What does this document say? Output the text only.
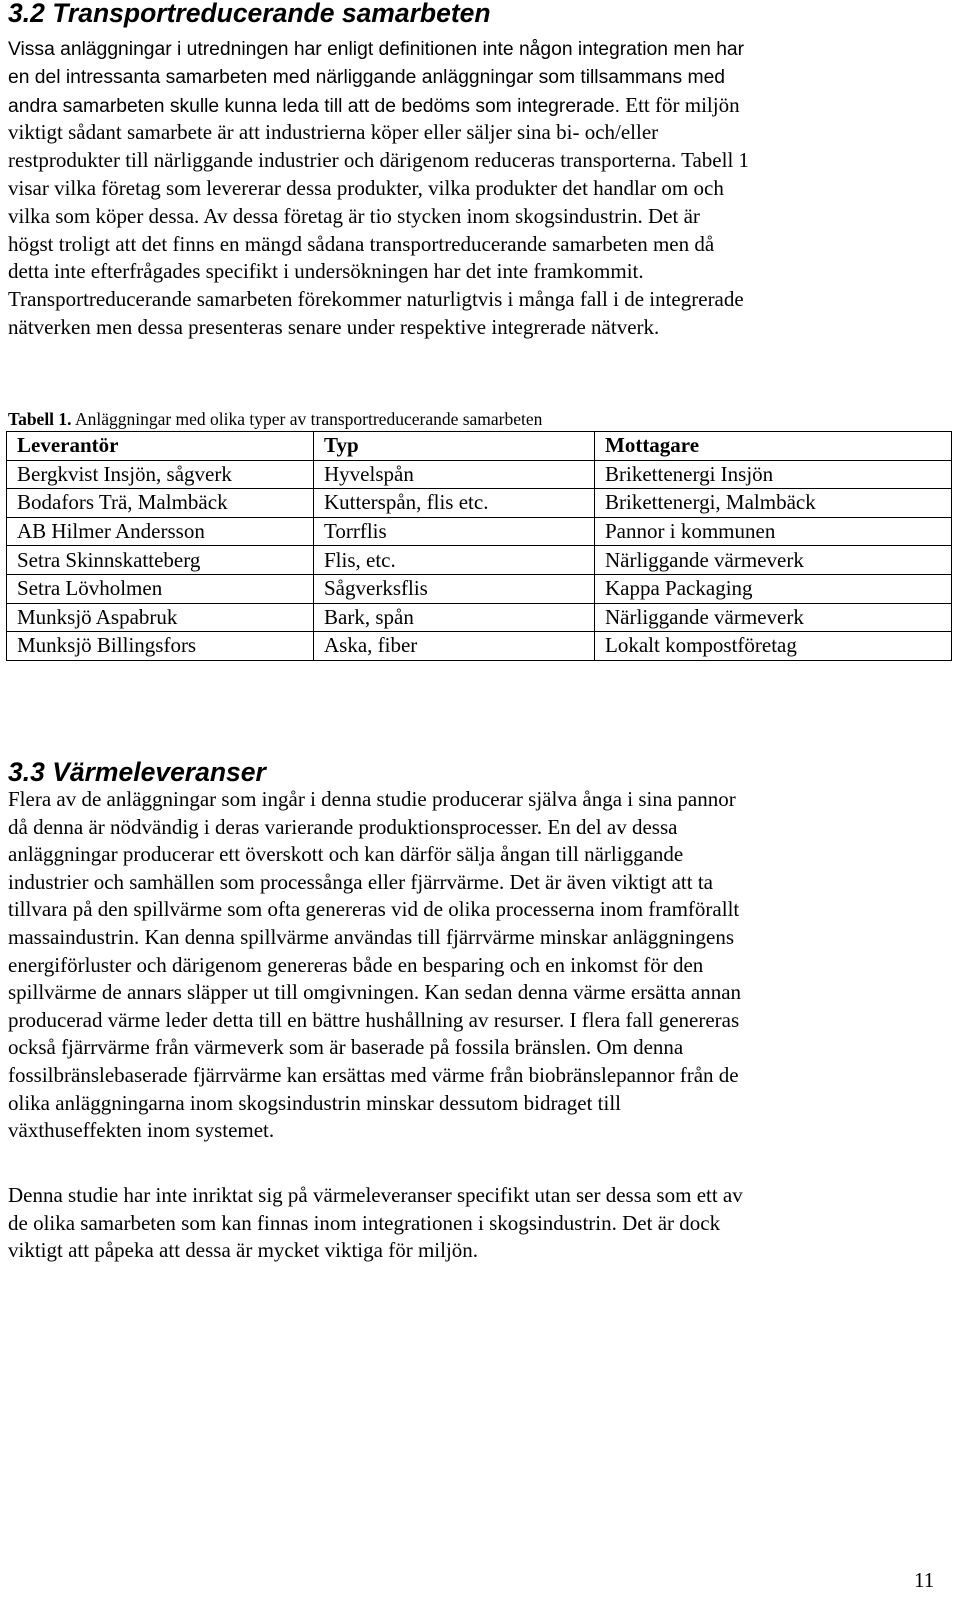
3.2 Transportreducerande samarbeten
Vissa anläggningar i utredningen har enligt definitionen inte någon integration men har
en del intressanta samarbeten med närliggande anläggningar som tillsammans med
andra samarbeten skulle kunna leda till att de bedöms som integrerade. Ett för miljön
viktigt sådant samarbete är att industrierna köper eller säljer sina bi- och/eller
restprodukter till närliggande industrier och därigenom reduceras transporterna. Tabell 1
visar vilka företag som levererar dessa produkter, vilka produkter det handlar om och
vilka som köper dessa. Av dessa företag är tio stycken inom skogsindustrin. Det är
högst troligt att det finns en mängd sådana transportreducerande samarbeten men då
detta inte efterfrågades specifikt i undersökningen har det inte framkommit.
Transportreducerande samarbeten förekommer naturligtvis i många fall i de integrerade
nätverken men dessa presenteras senare under respektive integrerade nätverk.

Tabell 1. Anläggningar med olika typer av transportreducerande samarbeten

Leverantör	Typ	Mottagare
Bergkvist Insjön, sågverk	Hyvelspån	Brikettenergi Insjön
Bodafors Trä, Malmbäck	Kutterspån, flis etc.	Brikettenergi, Malmbäck
AB Hilmer Andersson	Torrflis	Pannor i kommunen
Setra Skinnskatteberg	Flis, etc.	Närliggande värmeverk
Setra Lövholmen	Sågverksflis	Kappa Packaging
Munksjö Aspabruk	Bark, spån	Närliggande värmeverk
Munksjö Billingsfors	Aska, fiber	Lokalt kompostföretag
3.3 Värmeleveranser
Flera av de anläggningar som ingår i denna studie producerar själva ånga i sina pannor
då denna är nödvändig i deras varierande produktionsprocesser. En del av dessa
anläggningar producerar ett överskott och kan därför sälja ångan till närliggande
industrier och samhällen som processånga eller fjärrvärme. Det är även viktigt att ta
tillvara på den spillvärme som ofta genereras vid de olika processerna inom framförallt
massaindustrin. Kan denna spillvärme användas till fjärrvärme minskar anläggningens
energiförluster och därigenom genereras både en besparing och en inkomst för den
spillvärme de annars släpper ut till omgivningen. Kan sedan denna värme ersätta annan
producerad värme leder detta till en bättre hushållning av resurser. I flera fall genereras
också fjärrvärme från värmeverk som är baserade på fossila bränslen. Om denna
fossilbränslebaserade fjärrvärme kan ersättas med värme från biobränslepannor från de
olika anläggningarna inom skogsindustrin minskar dessutom bidraget till
växthuseffekten inom systemet.
Denna studie har inte inriktat sig på värmeleveranser specifikt utan ser dessa som ett av
de olika samarbeten som kan finnas inom integrationen i skogsindustrin. Det är dock
viktigt att påpeka att dessa är mycket viktiga för miljön.
11
